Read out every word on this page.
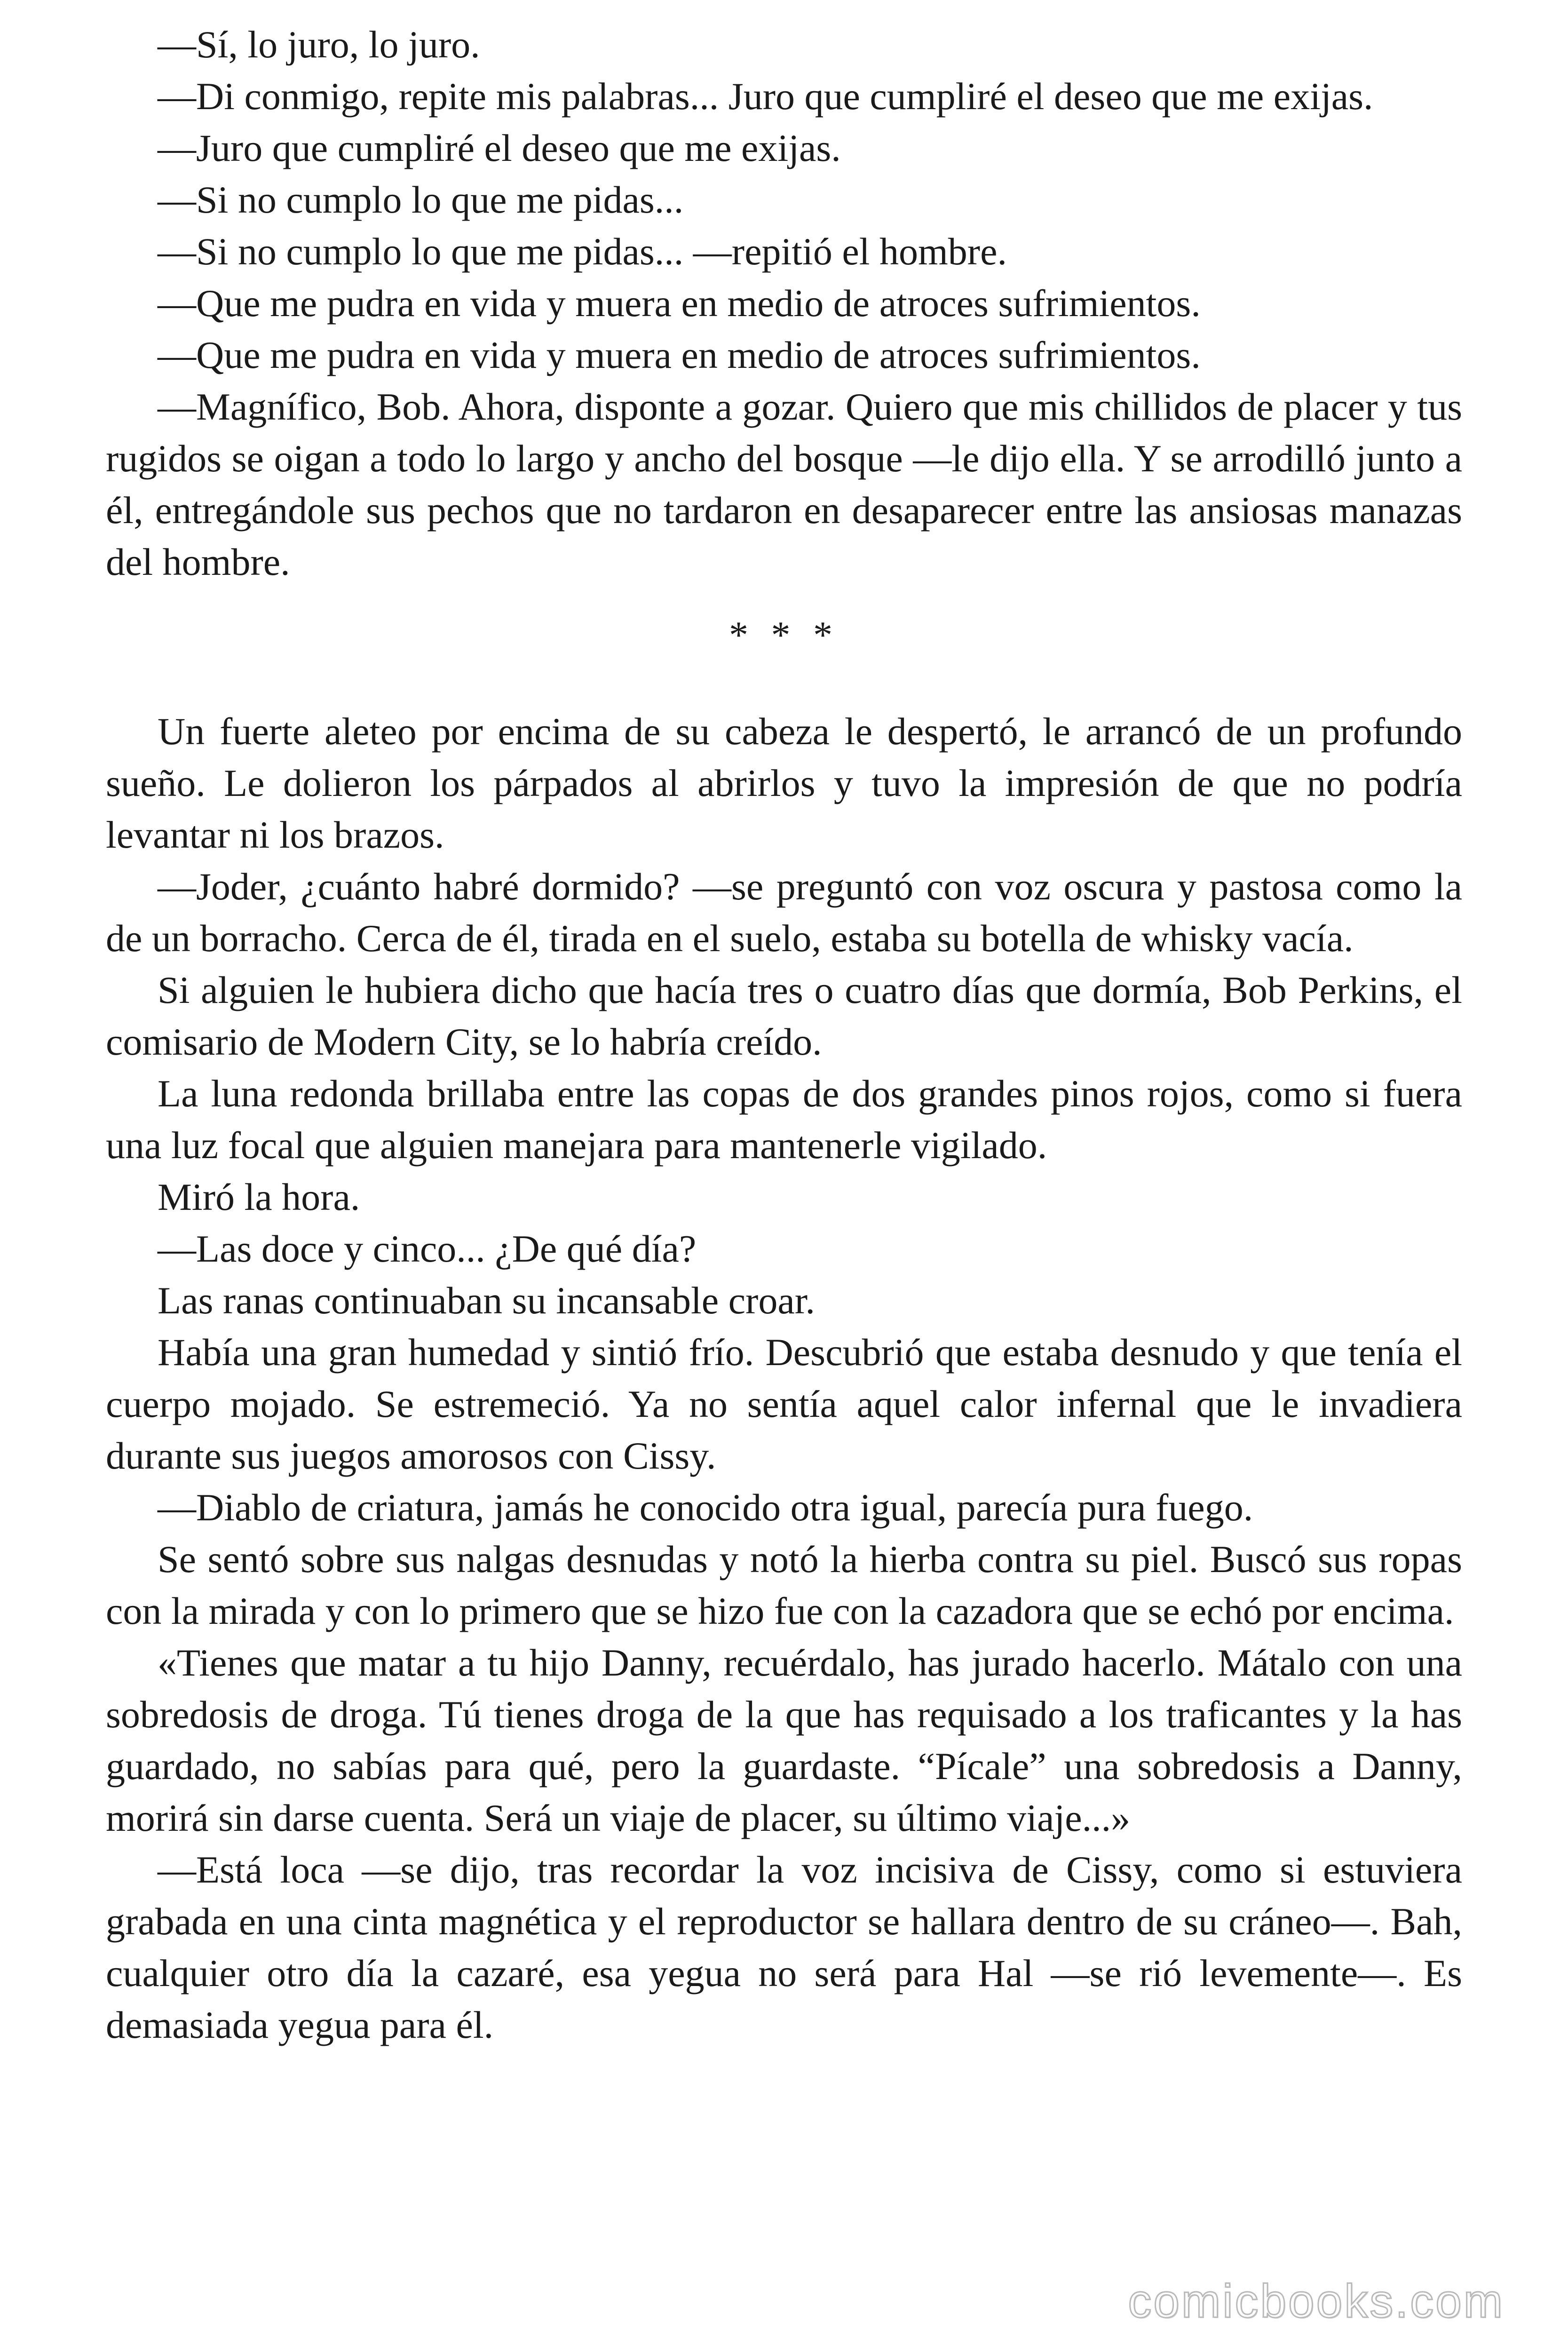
—Sí, lo juro, lo juro.

—Di conmigo, repite mis palabras... Juro que cumpliré el deseo que me exijas.

—Juro que cumpliré el deseo que me exijas.

—Si no cumplo lo que me pidas...

—Si no cumplo lo que me pidas... —repitió el hombre.

—Que me pudra en vida y muera en medio de atroces sufrimientos.

—Que me pudra en vida y muera en medio de atroces sufrimientos.

—Magnífico, Bob. Ahora, disponte a gozar. Quiero que mis chillidos de placer y tus rugidos se oigan a todo lo largo y ancho del bosque —le dijo ella. Y se arrodilló junto a él, entregándole sus pechos que no tardaron en desaparecer entre las ansiosas manazas del hombre.

* * *

Un fuerte aleteo por encima de su cabeza le despertó, le arrancó de un profundo sueño. Le dolieron los párpados al abrirlos y tuvo la impresión de que no podría levantar ni los brazos.

—Joder, ¿cuánto habré dormido? —se preguntó con voz oscura y pastosa como la de un borracho. Cerca de él, tirada en el suelo, estaba su botella de whisky vacía.

Si alguien le hubiera dicho que hacía tres o cuatro días que dormía, Bob Perkins, el comisario de Modern City, se lo habría creído.

La luna redonda brillaba entre las copas de dos grandes pinos rojos, como si fuera una luz focal que alguien manejara para mantenerle vigilado.

Miró la hora.

—Las doce y cinco... ¿De qué día?

Las ranas continuaban su incansable croar.

Había una gran humedad y sintió frío. Descubrió que estaba desnudo y que tenía el cuerpo mojado. Se estremeció. Ya no sentía aquel calor infernal que le invadiera durante sus juegos amorosos con Cissy.

—Diablo de criatura, jamás he conocido otra igual, parecía pura fuego.

Se sentó sobre sus nalgas desnudas y notó la hierba contra su piel. Buscó sus ropas con la mirada y con lo primero que se hizo fue con la cazadora que se echó por encima.

«Tienes que matar a tu hijo Danny, recuérdalo, has jurado hacerlo. Mátalo con una sobredosis de droga. Tú tienes droga de la que has requisado a los traficantes y la has guardado, no sabías para qué, pero la guardaste. “Pícale” una sobredosis a Danny, morirá sin darse cuenta. Será un viaje de placer, su último viaje...»

—Está loca —se dijo, tras recordar la voz incisiva de Cissy, como si estuviera grabada en una cinta magnética y el reproductor se hallara dentro de su cráneo—. Bah, cualquier otro día la cazaré, esa yegua no será para Hal —se rió levemente—. Es demasiada yegua para él.

comicbooks.com
